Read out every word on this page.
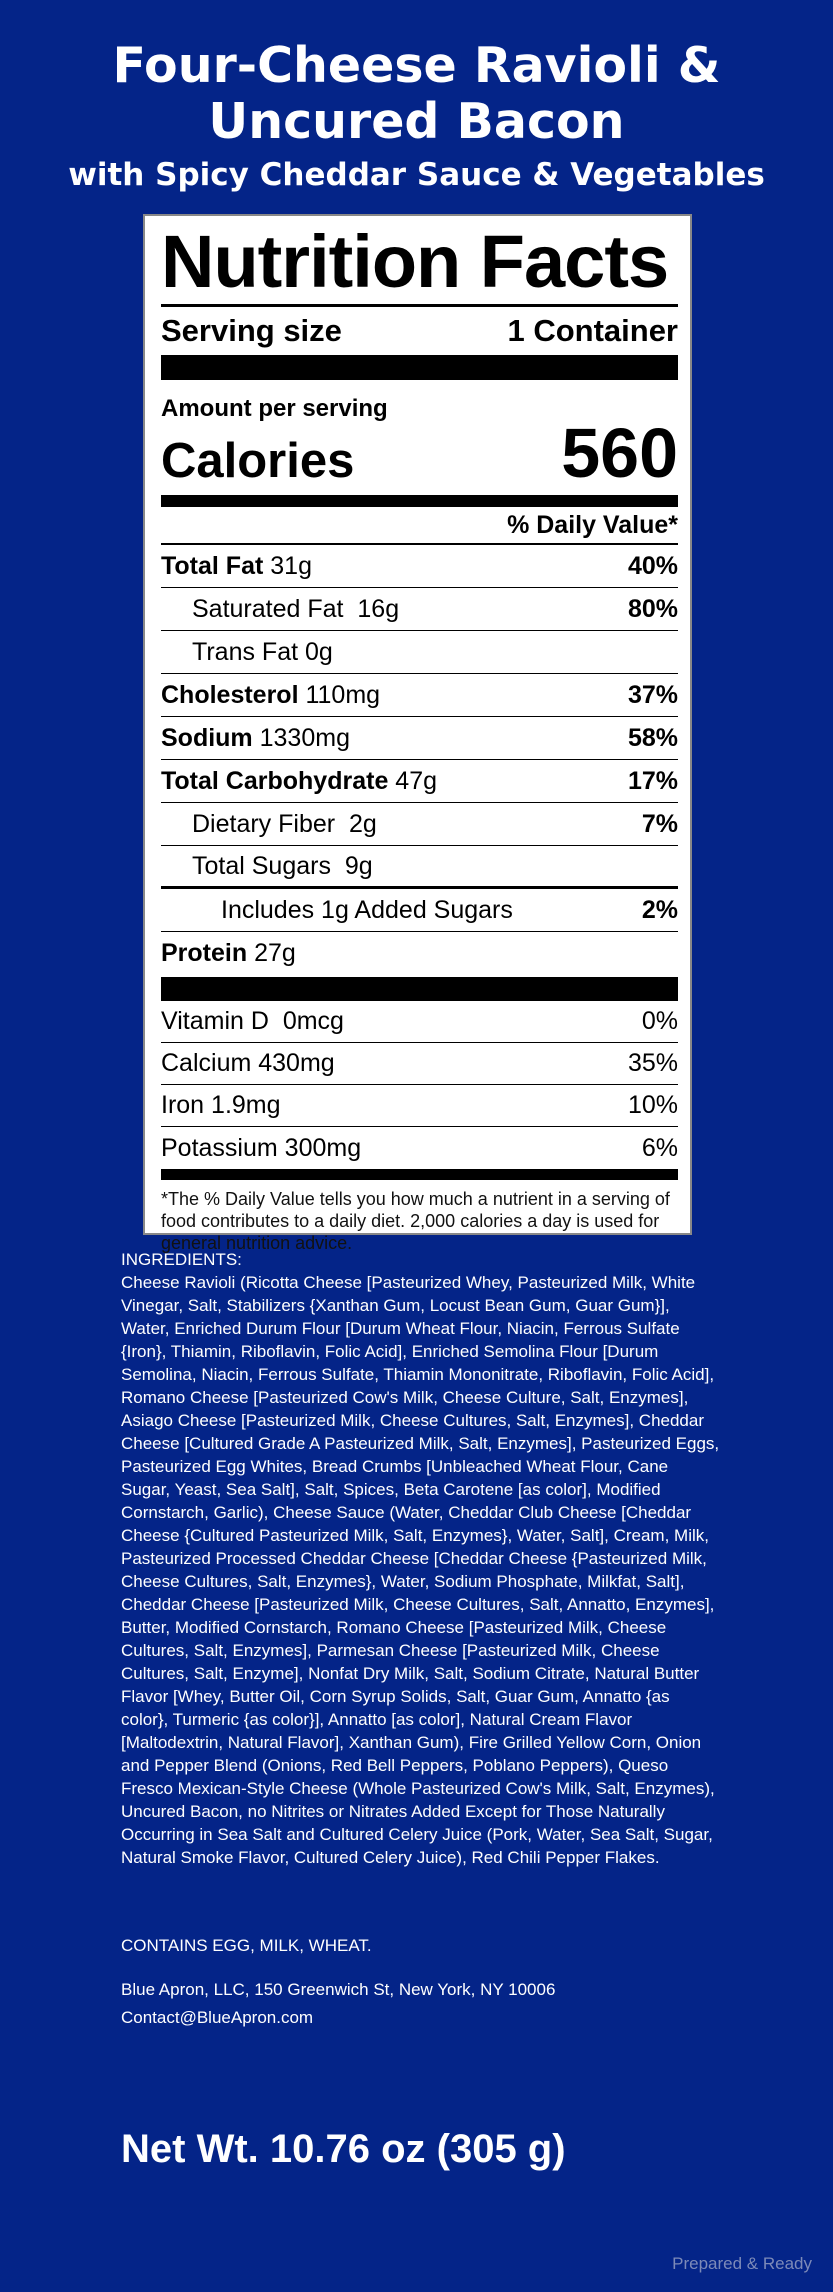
Four-Cheese Ravioli &
Uncured Bacon
with Spicy Cheddar Sauce & Vegetables
Nutrition Facts
Serving size	1 Container
Amount per serving
Calories	560
% Daily Value*
Total Fat 31g	40%
Saturated Fat 16g	80%
Trans Fat 0g
Cholesterol 110mg	37%
Sodium 1330mg	58%
Total Carbohydrate 47g	17%
Dietary Fiber 2g	7%
Total Sugars 9g
Includes 1g Added Sugars	2%
Protein 27g
Vitamin D 0mcg	0%
Calcium 430mg	35%
Iron 1.9mg	10%
Potassium 300mg	6%
*The % Daily Value tells you how much a nutrient in a serving of food contributes to a daily diet. 2,000 calories a day is used for general nutrition advice.
INGREDIENTS:
Cheese Ravioli (Ricotta Cheese [Pasteurized Whey, Pasteurized Milk, White Vinegar, Salt, Stabilizers {Xanthan Gum, Locust Bean Gum, Guar Gum}], Water, Enriched Durum Flour [Durum Wheat Flour, Niacin, Ferrous Sulfate {Iron}, Thiamin, Riboflavin, Folic Acid], Enriched Semolina Flour [Durum Semolina, Niacin, Ferrous Sulfate, Thiamin Mononitrate, Riboflavin, Folic Acid], Romano Cheese [Pasteurized Cow's Milk, Cheese Culture, Salt, Enzymes], Asiago Cheese [Pasteurized Milk, Cheese Cultures, Salt, Enzymes], Cheddar Cheese [Cultured Grade A Pasteurized Milk, Salt, Enzymes], Pasteurized Eggs, Pasteurized Egg Whites, Bread Crumbs [Unbleached Wheat Flour, Cane Sugar, Yeast, Sea Salt], Salt, Spices, Beta Carotene [as color], Modified Cornstarch, Garlic), Cheese Sauce (Water, Cheddar Club Cheese [Cheddar Cheese {Cultured Pasteurized Milk, Salt, Enzymes}, Water, Salt], Cream, Milk, Pasteurized Processed Cheddar Cheese [Cheddar Cheese {Pasteurized Milk, Cheese Cultures, Salt, Enzymes}, Water, Sodium Phosphate, Milkfat, Salt], Cheddar Cheese [Pasteurized Milk, Cheese Cultures, Salt, Annatto, Enzymes], Butter, Modified Cornstarch, Romano Cheese [Pasteurized Milk, Cheese Cultures, Salt, Enzymes], Parmesan Cheese [Pasteurized Milk, Cheese Cultures, Salt, Enzyme], Nonfat Dry Milk, Salt, Sodium Citrate, Natural Butter Flavor [Whey, Butter Oil, Corn Syrup Solids, Salt, Guar Gum, Annatto {as color}, Turmeric {as color}], Annatto [as color], Natural Cream Flavor [Maltodextrin, Natural Flavor], Xanthan Gum), Fire Grilled Yellow Corn, Onion and Pepper Blend (Onions, Red Bell Peppers, Poblano Peppers), Queso Fresco Mexican-Style Cheese (Whole Pasteurized Cow's Milk, Salt, Enzymes), Uncured Bacon, no Nitrites or Nitrates Added Except for Those Naturally Occurring in Sea Salt and Cultured Celery Juice (Pork, Water, Sea Salt, Sugar, Natural Smoke Flavor, Cultured Celery Juice), Red Chili Pepper Flakes.
CONTAINS EGG, MILK, WHEAT.
Blue Apron, LLC, 150 Greenwich St, New York, NY 10006
Contact@BlueApron.com
Net Wt. 10.76 oz (305 g)
Prepared & Ready
